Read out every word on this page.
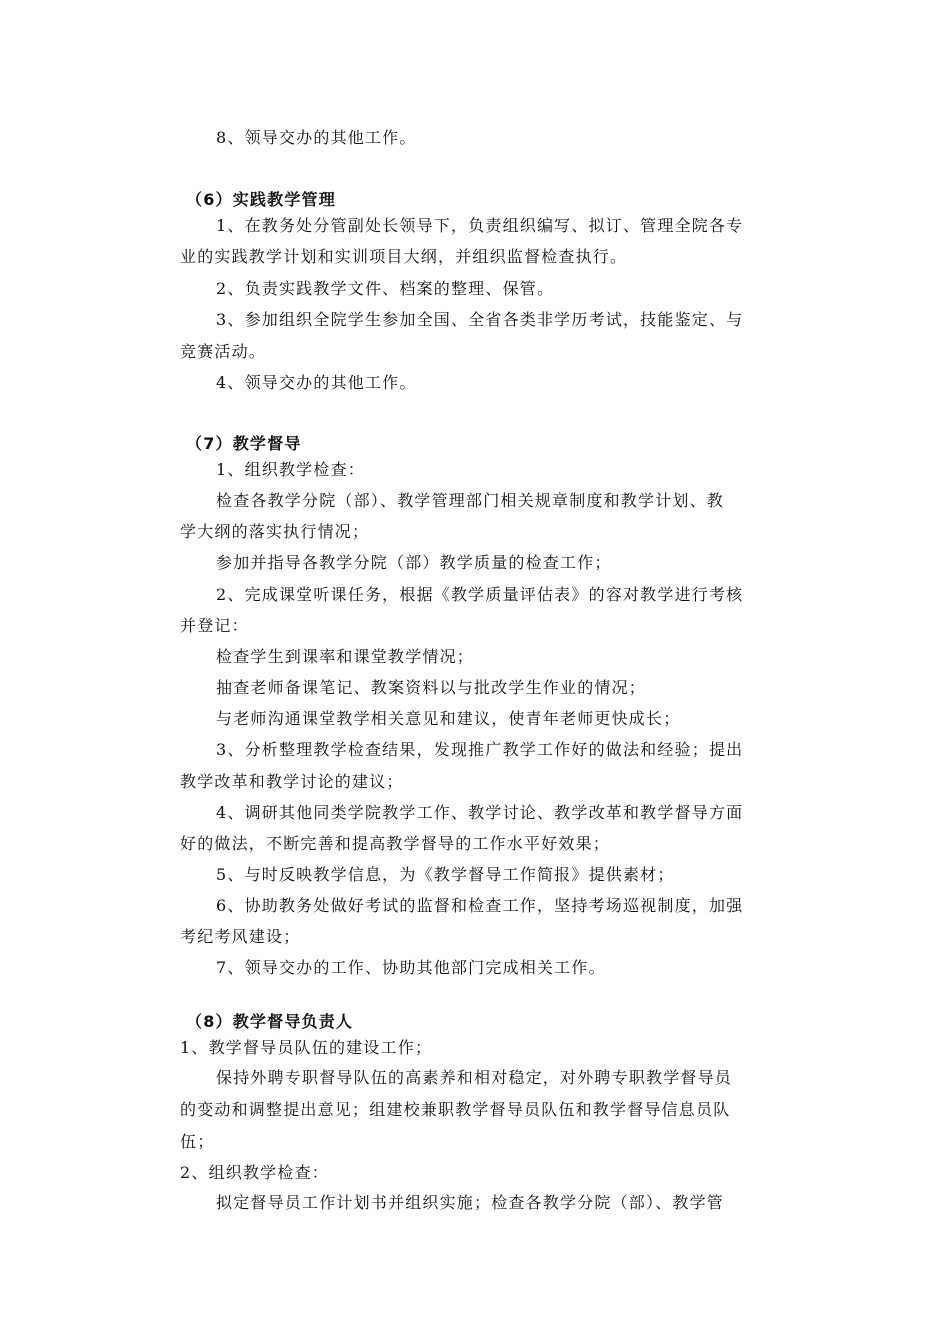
8、领导交办的其他工作。
（6）实践教学管理
1、在教务处分管副处长领导下，负责组织编写、拟订、管理全院各专
业的实践教学计划和实训项目大纲，并组织监督检查执行。
2、负责实践教学文件、档案的整理、保管。
3、参加组织全院学生参加全国、全省各类非学历考试，技能鉴定、与
竞赛活动。
4、领导交办的其他工作。
（7）教学督导
1、组织教学检查：
检查各教学分院（部）、教学管理部门相关规章制度和教学计划、教
学大纲的落实执行情况；
参加并指导各教学分院（部）教学质量的检查工作；
2、完成课堂听课任务，根据《教学质量评估表》的容对教学进行考核
并登记：
检查学生到课率和课堂教学情况；
抽查老师备课笔记、教案资料以与批改学生作业的情况；
与老师沟通课堂教学相关意见和建议，使青年老师更快成长；
3、分析整理教学检查结果，发现推广教学工作好的做法和经验；提出
教学改革和教学讨论的建议；
4、调研其他同类学院教学工作、教学讨论、教学改革和教学督导方面
好的做法，不断完善和提高教学督导的工作水平好效果；
5、与时反映教学信息，为《教学督导工作简报》提供素材；
6、协助教务处做好考试的监督和检查工作，坚持考场巡视制度，加强
考纪考风建设；
7、领导交办的工作、协助其他部门完成相关工作。
（8）教学督导负责人
1、教学督导员队伍的建设工作；
保持外聘专职督导队伍的高素养和相对稳定，对外聘专职教学督导员
的变动和调整提出意见；组建校兼职教学督导员队伍和教学督导信息员队
伍；
2、组织教学检查：
拟定督导员工作计划书并组织实施；检查各教学分院（部）、教学管
